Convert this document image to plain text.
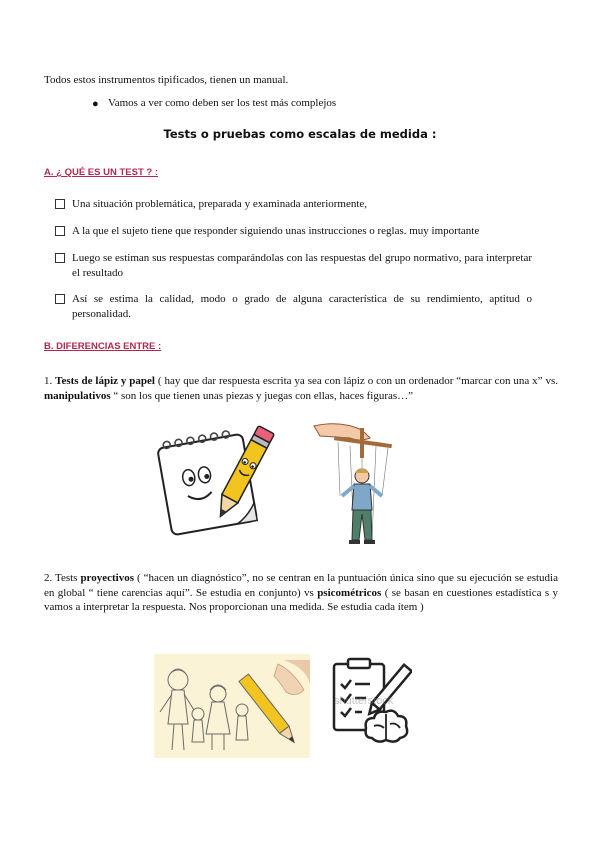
Todos estos instrumentos tipificados, tienen un manual.
● Vamos a ver como deben ser los test más complejos
Tests o pruebas como escalas de medida :
A. ¿ QUÉ ES UN TEST ? :
Una situación problemática, preparada y examinada anteriormente,
A la que el sujeto tiene que responder siguiendo unas instrucciones o reglas. muy importante
Luego se estiman sus respuestas comparándolas con las respuestas del grupo normativo, para interpretar el resultado
Así se estima la calidad, modo o grado de alguna característica de su rendimiento, aptitud o personalidad.
B. DIFERENCIAS ENTRE :
1. Tests de lápiz y papel ( hay que dar respuesta escrita ya sea con lápiz o con un ordenador “marcar con una x” vs. manipulativos “ son los que tienen unas piezas y juegas con ellas, haces figuras…”
2. Tests proyectivos ( “hacen un diagnóstico”, no se centran en la puntuación única sino que su ejecución se estudia en global “ tiene carencias aquí”. Se estudia en conjunto) vs psicométricos ( se basan en cuestiones estadística s y vamos a interpretar la respuesta. Nos proporcionan una medida. Se estudia cada ítem )
shutterstock
